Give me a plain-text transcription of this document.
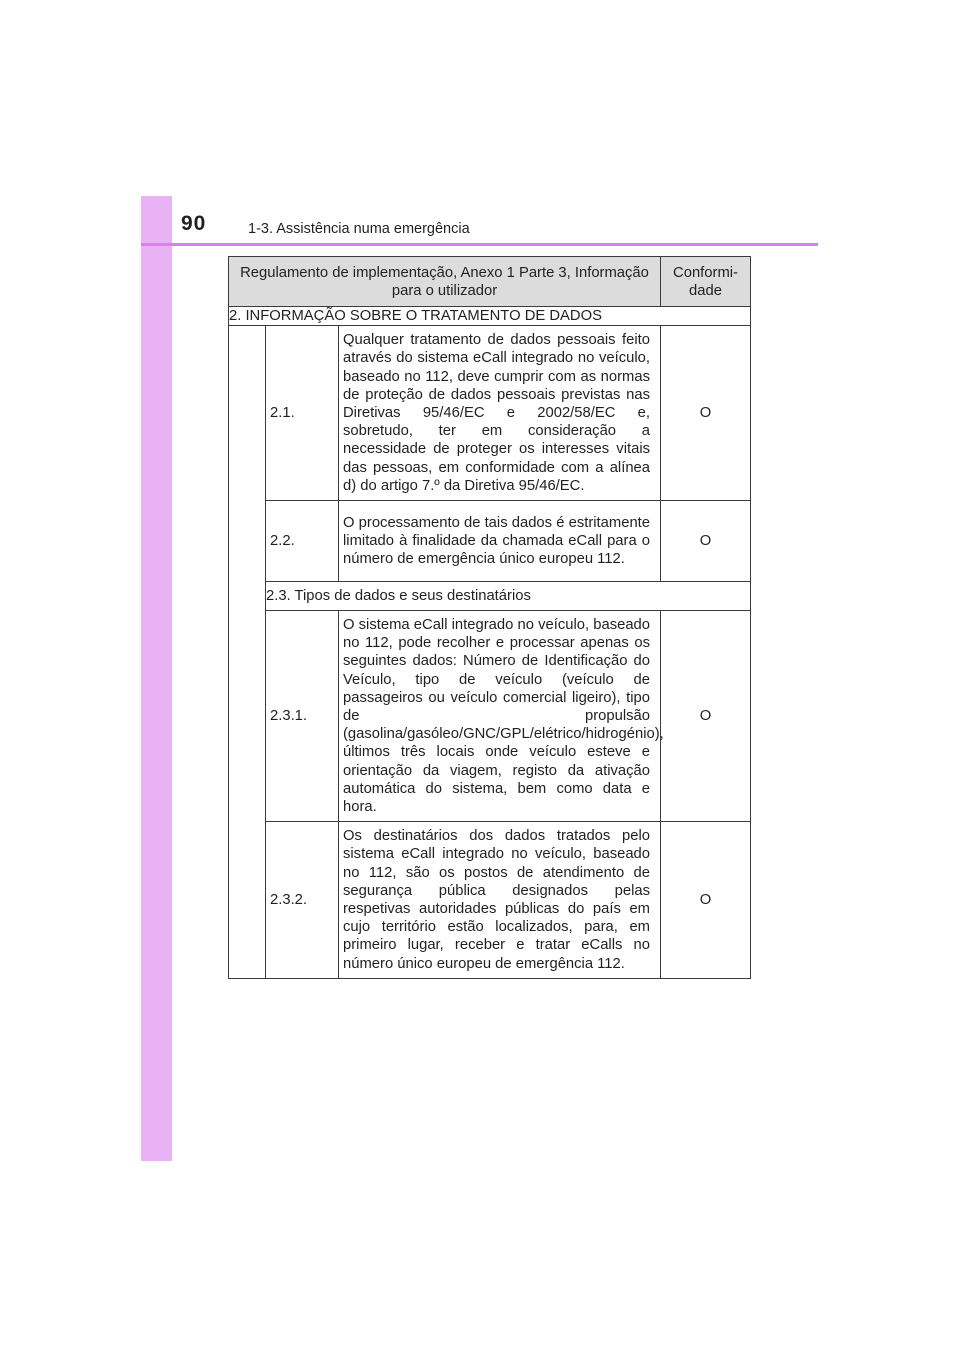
90	1-3. Assistência numa emergência
Regulamento de implementação, Anexo 1 Parte 3, Informação para o utilizador			Conformi-dade
2. INFORMAÇÃO SOBRE O TRATAMENTO DE DADOS			
	2.1.	Qualquer tratamento de dados pessoais feito através do sistema eCall integrado no veículo, baseado no 112, deve cumprir com as normas de proteção de dados pessoais previstas nas Diretivas 95/46/EC e 2002/58/EC e, sobretudo, ter em consideração a necessidade de proteger os interesses vitais das pessoas, em conformidade com a alínea d) do artigo 7.º da Diretiva 95/46/EC.	O
	2.2.	O processamento de tais dados é estritamente limitado à finalidade da chamada eCall para o número de emergência único europeu 112.	O
	2.3. Tipos de dados e seus destinatários		
	2.3.1.	O sistema eCall integrado no veículo, baseado no 112, pode recolher e processar apenas os seguintes dados: Número de Identificação do Veículo, tipo de veículo (veículo de passageiros ou veículo comercial ligeiro), tipo de propulsão (gasolina/gasóleo/GNC/GPL/elétrico/hidrogénio), últimos três locais onde veículo esteve e orientação da viagem, registo da ativação automática do sistema, bem como data e hora.	O
	2.3.2.	Os destinatários dos dados tratados pelo sistema eCall integrado no veículo, baseado no 112, são os postos de atendimento de segurança pública designados pelas respetivas autoridades públicas do país em cujo território estão localizados, para, em primeiro lugar, receber e tratar eCalls no número único europeu de emergência 112.	O
